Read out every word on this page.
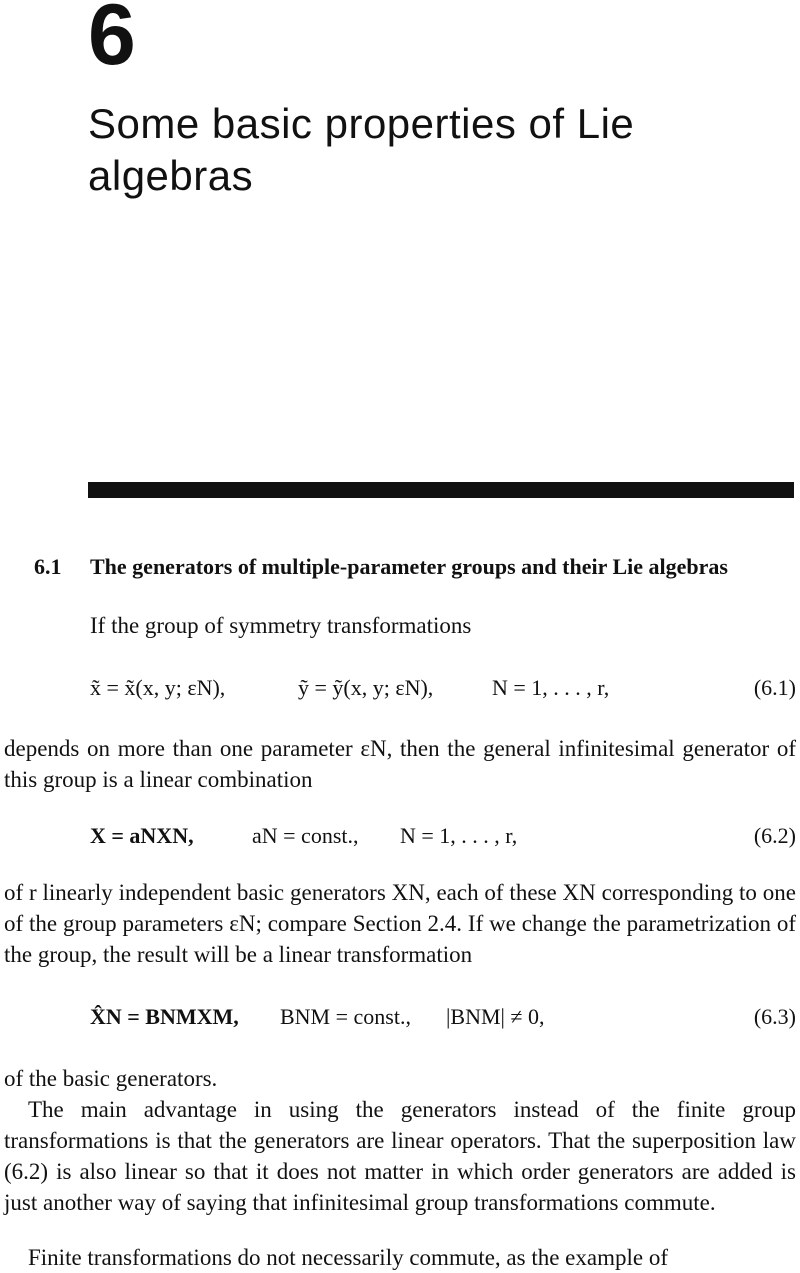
6
Some basic properties of Lie algebras
6.1 The generators of multiple-parameter groups and their Lie algebras
If the group of symmetry transformations
x̃ = x̃(x, y; εN),	ỹ = ỹ(x, y; εN),	N = 1, . . . , r,	(6.1)
depends on more than one parameter εN, then the general infinitesimal generator of this group is a linear combination
X = aNXN,	aN = const., N = 1, . . . , r,	(6.2)
of r linearly independent basic generators XN, each of these XN corresponding to one of the group parameters εN; compare Section 2.4. If we change the parametrization of the group, the result will be a linear transformation
X̂N = BNMXM, BNM = const., |BNM| ≠ 0,	(6.3)
of the basic generators.
The main advantage in using the generators instead of the finite group transformations is that the generators are linear operators. That the superposition law (6.2) is also linear so that it does not matter in which order generators are added is just another way of saying that infinitesimal group transformations commute.
Finite transformations do not necessarily commute, as the example of
